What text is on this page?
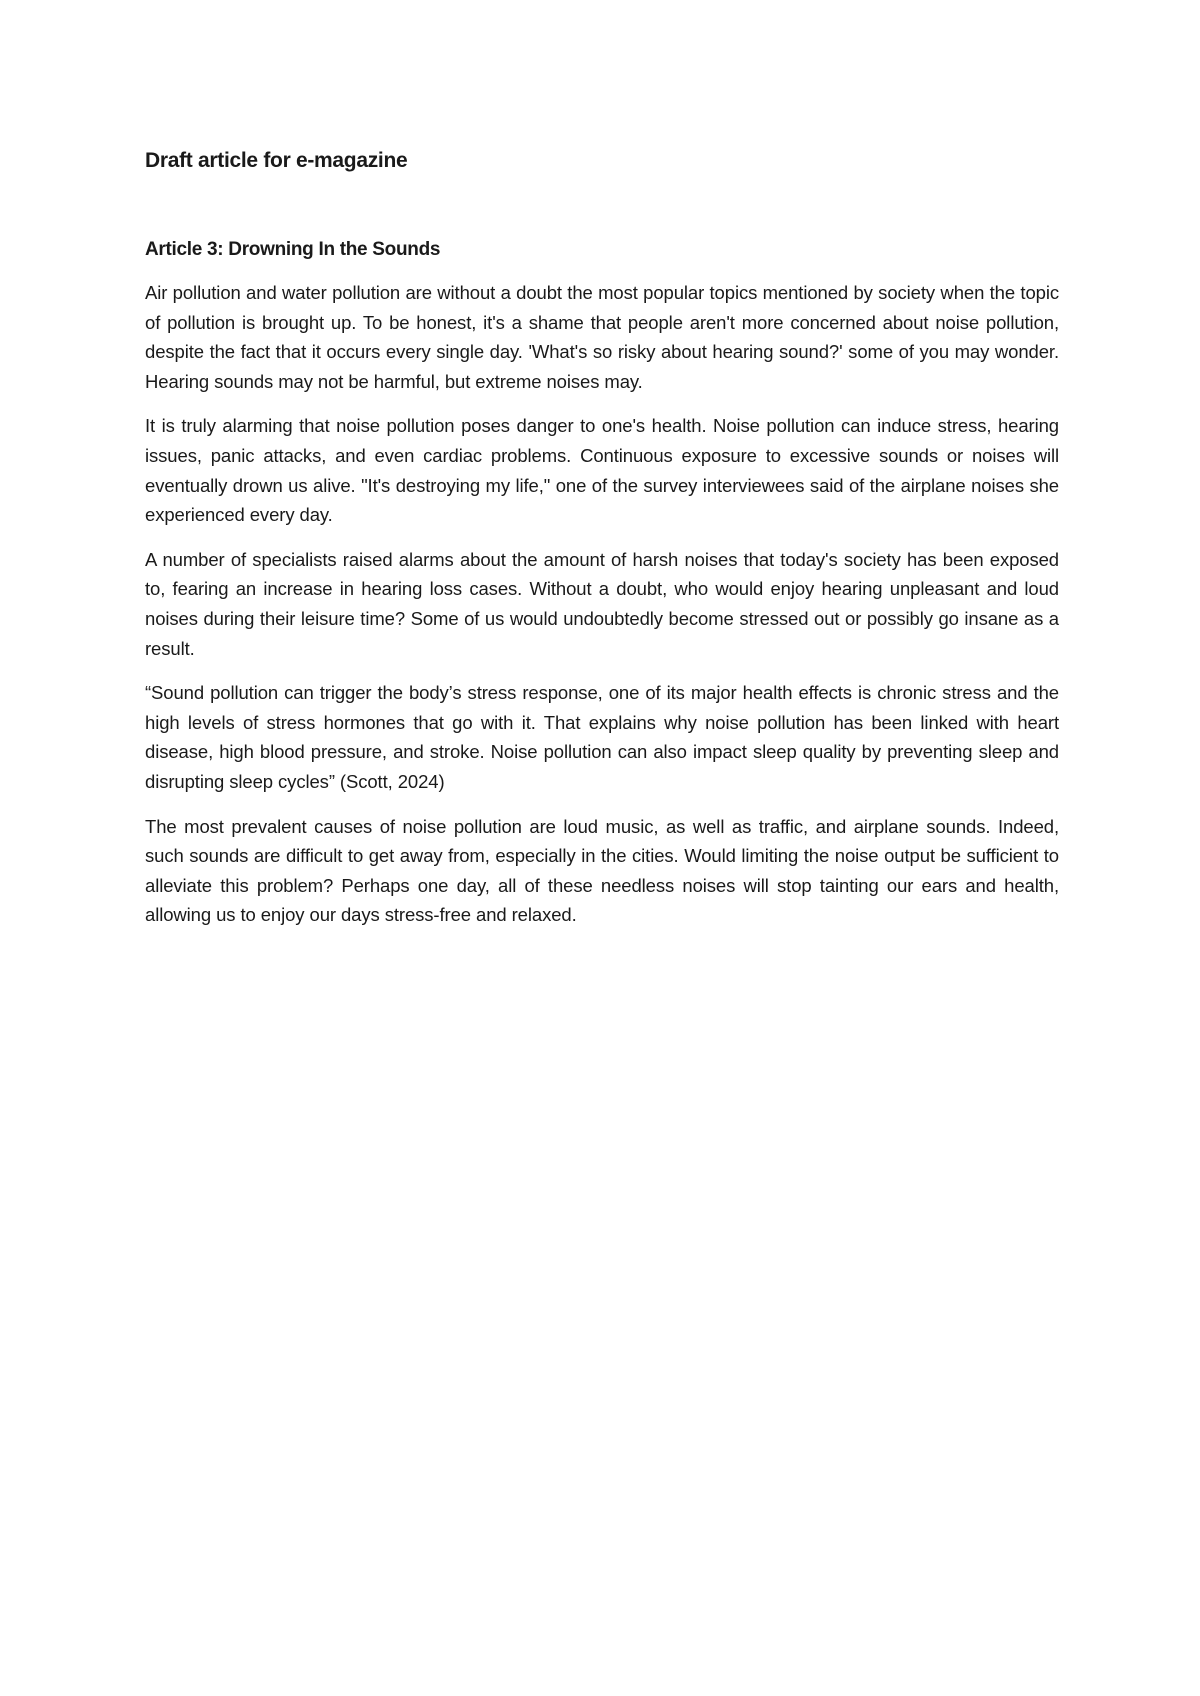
Draft article for e-magazine
Article 3: Drowning In the Sounds

Air pollution and water pollution are without a doubt the most popular topics mentioned by society when the topic of pollution is brought up. To be honest, it's a shame that people aren't more concerned about noise pollution, despite the fact that it occurs every single day. 'What's so risky about hearing sound?' some of you may wonder. Hearing sounds may not be harmful, but extreme noises may.

It is truly alarming that noise pollution poses danger to one's health. Noise pollution can induce stress, hearing issues, panic attacks, and even cardiac problems. Continuous exposure to excessive sounds or noises will eventually drown us alive. "It's destroying my life," one of the survey interviewees said of the airplane noises she experienced every day.

A number of specialists raised alarms about the amount of harsh noises that today's society has been exposed to, fearing an increase in hearing loss cases. Without a doubt, who would enjoy hearing unpleasant and loud noises during their leisure time? Some of us would undoubtedly become stressed out or possibly go insane as a result.

“Sound pollution can trigger the body’s stress response, one of its major health effects is chronic stress and the high levels of stress hormones that go with it. That explains why noise pollution has been linked with heart disease, high blood pressure, and stroke. Noise pollution can also impact sleep quality by preventing sleep and disrupting sleep cycles” (Scott, 2024)

The most prevalent causes of noise pollution are loud music, as well as traffic, and airplane sounds. Indeed, such sounds are difficult to get away from, especially in the cities. Would limiting the noise output be sufficient to alleviate this problem? Perhaps one day, all of these needless noises will stop tainting our ears and health, allowing us to enjoy our days stress-free and relaxed.
